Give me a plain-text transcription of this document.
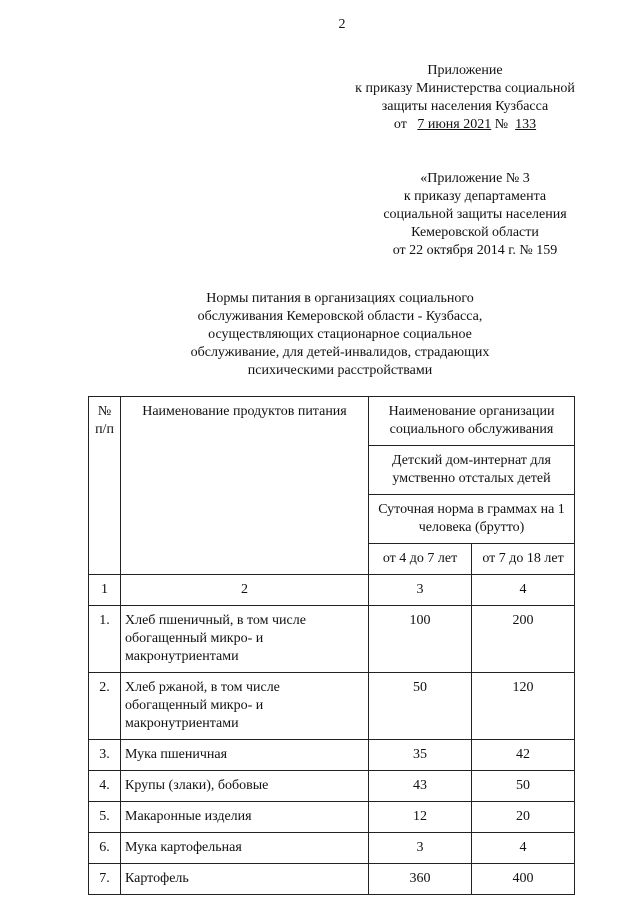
2
Приложение
к приказу Министерства социальной
защиты населения Кузбасса
от 7 июня 2021 № 133
«Приложение № 3
к приказу департамента
социальной защиты населения
Кемеровской области
от 22 октября 2014 г. № 159
Нормы питания в организациях социального
обслуживания Кемеровской области - Кузбасса,
осуществляющих стационарное социальное
обслуживание, для детей-инвалидов, страдающих
психическими расстройствами
№ п/п	Наименование продуктов питания	Наименование организации социального обслуживания	
		Детский дом-интернат для умственно отсталых детей	
		Суточная норма в граммах на 1 человека (брутто)	
		от 4 до 7 лет	от 7 до 18 лет
1	2	3	4
1.	Хлеб пшеничный, в том числе обогащенный микро- и макронутриентами	100	200
2.	Хлеб ржаной, в том числе обогащенный микро- и макронутриентами	50	120
3.	Мука пшеничная	35	42
4.	Крупы (злаки), бобовые	43	50
5.	Макаронные изделия	12	20
6.	Мука картофельная	3	4
7.	Картофель	360	400
